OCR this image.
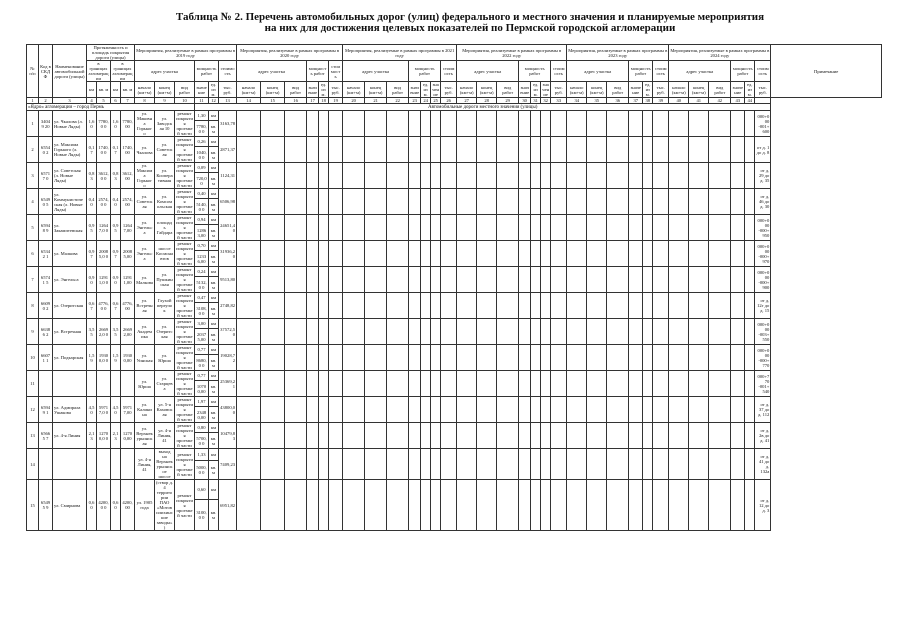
Таблица № 2. Перечень автомобильных дорог (улиц) федерального и местного значения и планируемые мероприятия
на них для достижения целевых показателей по Пермской городской агломерации
№ п/п	Код в СКДФ	Наименование автомобильной дороги (улицы)	Протяженность и площадь покрытия дороги (улицы)				Мероприятия, реализуемые в рамках программы в 2019 году						Мероприятия, реализуемые в рамках программы в 2020 году						Мероприятия, реализуемые в рамках программы в 2021 году							Мероприятия, реализуемые в рамках программы в 2022 году							Мероприятия, реализуемые в рамках программы в 2023 году						Мероприятия, реализуемые в рамках программы в 2024 году						Примечание
			в границах агломерации		в границах агломерации		адрес участка			мощность работ		стоимость	адрес участка			мощность работ		стоимость	адрес участка			мощность работ			стоимость	адрес участка			мощность работ			стоимость	адрес участка			мощность работ		стоимость	адрес участка			мощность работ		стоимость	
			км	кв. м	км	кв. м	начало (км+м)	конец (км+м)	вид работ	значение	ед. изм.	тыс. руб.	начало (км+м)	конец (км+м)	вид работ	значение	ед. изм.	тыс. руб.	начало (км+м)	конец (км+м)	вид работ	значение	ед. изм.	значение	тыс. руб.	начало (км+м)	конец (км+м)	вид работ	значение	ед. изм.	значение	тыс. руб.	начало (км+м)	конец (км+м)	вид работ	значение	ед. изм.	тыс. руб.	начало (км+м)	конец (км+м)	вид работ	значение	ед. изм.	тыс. руб.	

1	2	3	4	5	6	7	8	9	10	11	12	13	14	15	16	17	18	19	20	21	22	23	24	25	26	27	28	29	30	31	32	33	34	35	36	37	38	39	40	41	42	43	44		
«Ядро» агломерации – город Пермь										Автомобильные дороги местного значения (улицы)																																			
1	34049 20	ул. Чкалова (л. Новые Ляды)	1,60	7780,0 0	1,60	7780,00	ул. Маковна Горького	ул. Заводская 10	ремонт покрытия проезжей части	1,30	км	3163,78																																000+000 -001+600	
										7780,0 0	кв. м																																		
2	65540 2	ул. Максима Горького (л. Новые Ляды)	0,17	1740,0 0	0,17	1740,00	ул. Чкалова	ул. Советская	ремонт покрытия проезжей части	0,26	км	2871,37																																от д. 1 до д. 8	
										1040,0 0	кв. м																																		
3	65717 0	ул. Советская (л. Новые Ляды)	0,83	3612,0 0	0,83	3612,00	ул. Максима Горького	ул. Кооперативная	ремонт покрытия проезжей части	0,09	км	1124,31																																от д. 29 до д. 35	
										720,00	кв. м																																		
4	65490 5	ул. Коммунистическая (л. Новые Ляды)	0,40	2574,0 0	0,40	2574,00	ул. Советская	ул. Комсомольская	ремонт покрытия проезжей части	0,40	км	6506,98																																от д. 46 до д. 30	
										5140,0 0	кв. м																																		
5	65948 9	ул. Закамптевская	0,95	12647,0 0	0,95	12647,00	ул. Энгельса	площадь Гайдара	ремонт покрытия проезжей части	0,94	км	24651,40																																000+000 -000+950	
										12863,00	кв. м																																		
6	65342 1	ул. Малкова	0,97	20085,0 0	0,97	20085,00	ул. Энгельса	шоссе Космонавтов	ремонт покрытия проезжей части	0,70	км	31936,20																																000+000 -000+970	
										12336,00	кв. м																																		
7	65741 5	ул. Энгельса	0,90	12911,0 0	0,90	12911,00	ул. Малкова	ул. Пушкинская	ремонт покрытия проезжей части	0,24	км	9513,80																																000+000 -000+900	
										5132,0 0	кв. м																																		
8	66090 2	ул. Озеритская	0,67	4776,0 0	0,67	4776,00	ул. Встречная	Глухой переулок	ремонт покрытия проезжей части	0,47	км	2748,82																																от д. 12г до д. 15	
										3108,0 0	кв. м																																		
9	66386 2	ул. Встречная	3,55	26692,0 0	3,55	26692,00	ул. Академика	ул. Озеритская	ремонт покрытия проезжей части	3,00	км	37572,50																																000+000 -003+550	
										20375,00	кв. м																																		
10	66071 1	ул. Подкарская	1,59	19300,0 0	1,59	19300,00	ул. Уинская	ул. Юрша	ремонт покрытия проезжей части	0,77	км	19028,72																																000+000 -000+770	
										8680,0 0	кв. м																																		
11							ул. Юрша	ул. Старцева	ремонт покрытия проезжей части	0,77	км	25369,21																																000+770 -001+540	
										10700,00	кв. м																																		
12	65949 1	ул. Адмирала Ушакова	4,50	59717,0 0	4,50	59717,00	ул. Калинина	ул. 5-я Каховская	ремонт покрытия проезжей части	1,97	км	43800,00																																от д. 37 до д. 112	
										23480,00	кв. м																																		
13	65665 7	ул. 4-я Линия	2,13	12700,0 0	2,13	12700,00	ул. Верхнекурьинская	ул. 4-я Линия, 41	ремонт покрытия проезжей части	0,80	км	10479,83																																от д. 2в до д. 41	
										5700,0 0	кв. м																																		
14							ул. 4-я Линия, 41	выход на Верхнекурьинское шоссе	ремонт покрытия проезжей части	1,33	км	7409,23																																от д. 41 до д. 132а	
										5000,0 0	кв. м																																		
15	65495 9	ул. Смирнова	0,60	4200,0 0	0,60	4200,00	ул. 1905 года	(створ д. 4 территории ПАО «Мотовилихинские заводы»)	ремонт покрытия проезжей части	0,60	км	6951,82																																от д. 12 до д. 3	
										3100,0 0	кв. м																																		
